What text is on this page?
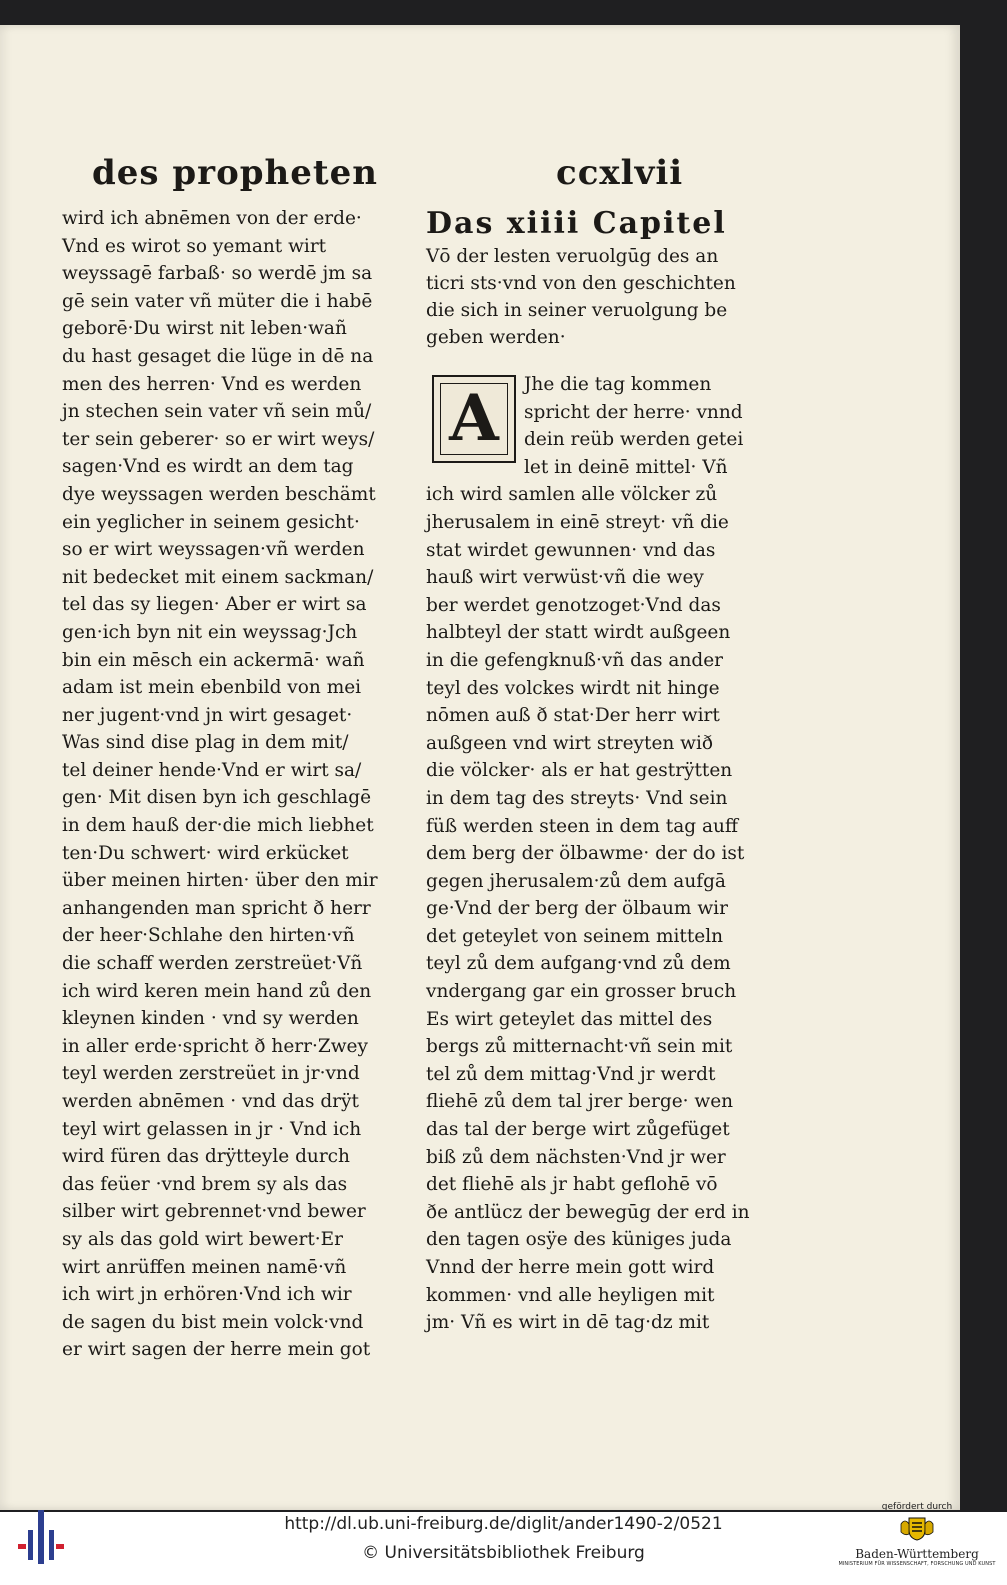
des propheten	ccxlvii
wird ich abnēmen von der erde·
Vnd es wirot so yemant wirt
weyssagē farbaß· so werdē jm sa
gē sein vater vñ müter die i habē
geborē·Du wirst nit leben·wañ
du hast gesaget die lüge in dē na
men des herren· Vnd es werden
jn stechen sein vater vñ sein mů/
ter sein geberer· so er wirt weys/
sagen·Vnd es wirdt an dem tag
dye weyssagen werden beschämt
ein yeglicher in seinem gesicht·
so er wirt weyssagen·vñ werden
nit bedecket mit einem sackman/
tel das sy liegen· Aber er wirt sa
gen·ich byn nit ein weyssag·Jch
bin ein mēsch ein ackermā· wañ
adam ist mein ebenbild von mei
ner jugent·vnd jn wirt gesaget·
Was sind dise plag in dem mit/
tel deiner hende·Vnd er wirt sa/
gen· Mit disen byn ich geschlagē
in dem hauß der·die mich liebhet
ten·Du schwert· wird erkücket
über meinen hirten· über den mir
anhangenden man spricht ð herr
der heer·Schlahe den hirten·vñ
die schaff werden zerstreüet·Vñ
ich wird keren mein hand zů den
kleynen kinden · vnd sy werden
in aller erde·spricht ð herr·Zwey
teyl werden zerstreüet in jr·vnd
werden abnēmen · vnd das drÿt
teyl wirt gelassen in jr · Vnd ich
wird füren das drÿtteyle durch
das feüer ·vnd brem sy als das
silber wirt gebrennet·vnd bewer
sy als das gold wirt bewert·Er
wirt anrüffen meinen namē·vñ
ich wirt jn erhören·Vnd ich wir
de sagen du bist mein volck·vnd
er wirt sagen der herre mein got
Das xiiii Capitel
Vō der lesten veruolgūg des an
ticri sts·vnd von den geschichten
die sich in seiner veruolgung be
geben werden·
A	Jhe die tag kommen
spricht der herre· vnnd
dein reüb werden getei
let in deinē mittel· Vñ
ich wird samlen alle völcker zů
jherusalem in einē streyt· vñ die
stat wirdet gewunnen· vnd das
hauß wirt verwüst·vñ die wey
ber werdet genotzoget·Vnd das
halbteyl der statt wirdt außgeen
in die gefengknuß·vñ das ander
teyl des volckes wirdt nit hinge
nōmen auß ð stat·Der herr wirt
außgeen vnd wirt streyten wið
die völcker· als er hat gestrÿtten
in dem tag des streyts· Vnd sein
füß werden steen in dem tag auff
dem berg der ölbawme· der do ist
gegen jherusalem·zů dem aufgā
ge·Vnd der berg der ölbaum wir
det geteylet von seinem mitteln
teyl zů dem aufgang·vnd zů dem
vndergang gar ein grosser bruch
Es wirt geteylet das mittel des
bergs zů mitternacht·vñ sein mit
tel zů dem mittag·Vnd jr werdt
fliehē zů dem tal jrer berge· wen
das tal der berge wirt zůgefüget
biß zů dem nächsten·Vnd jr wer
det fliehē als jr habt geflohē vō
ðe antlücz der bewegūg der erd in
den tagen osÿe des küniges juda
Vnnd der herre mein gott wird
kommen· vnd alle heyligen mit
jm· Vñ es wirt in dē tag·dz mit
http://dl.ub.uni-freiburg.de/diglit/ander1490-2/0521
© Universitätsbibliothek Freiburg
gefördert durch
Baden-Württemberg
MINISTERIUM FÜR WISSENSCHAFT, FORSCHUNG UND KUNST
